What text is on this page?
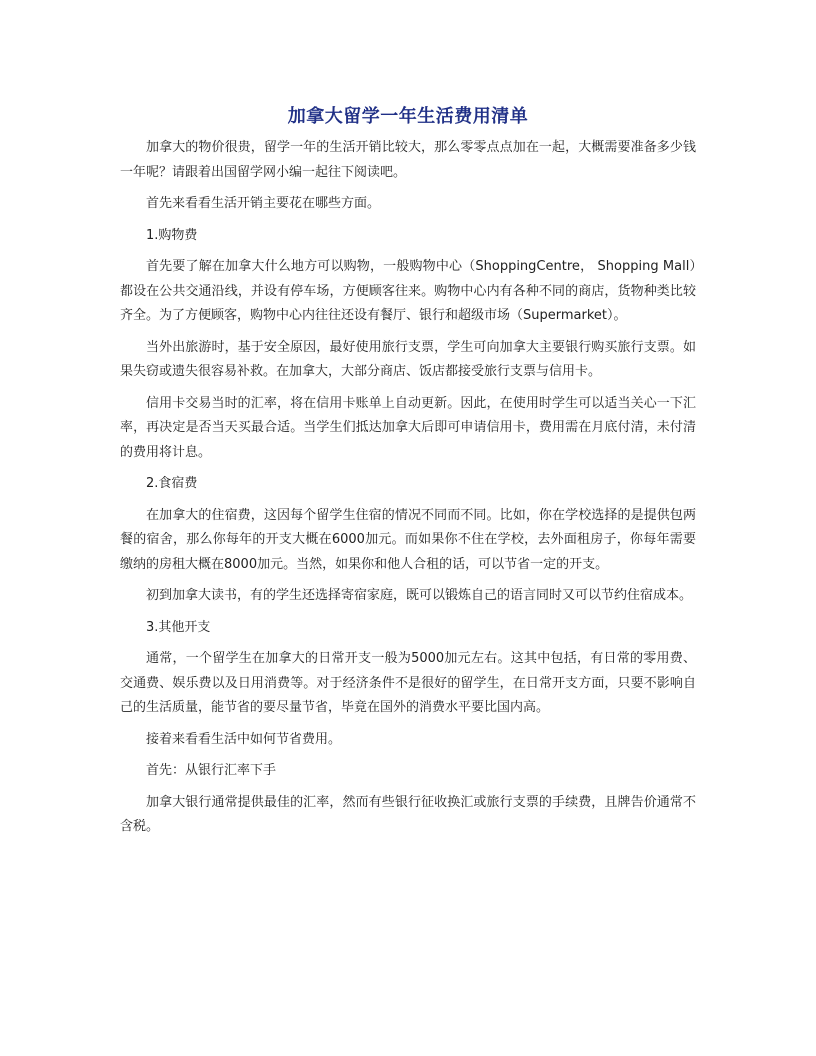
加拿大留学一年生活费用清单

加拿大的物价很贵，留学一年的生活开销比较大，那么零零点点加在一起，大概需要准备多少钱一年呢？请跟着出国留学网小编一起往下阅读吧。

首先来看看生活开销主要花在哪些方面。

1.购物费

首先要了解在加拿大什么地方可以购物，一般购物中心（ShoppingCentre， Shopping Mall）都设在公共交通沿线，并设有停车场，方便顾客往来。购物中心内有各种不同的商店，货物种类比较齐全。为了方便顾客，购物中心内往往还设有餐厅、银行和超级市场（Supermarket）。

当外出旅游时，基于安全原因，最好使用旅行支票，学生可向加拿大主要银行购买旅行支票。如果失窃或遗失很容易补救。在加拿大，大部分商店、饭店都接受旅行支票与信用卡。

信用卡交易当时的汇率，将在信用卡账单上自动更新。因此，在使用时学生可以适当关心一下汇率，再决定是否当天买最合适。当学生们抵达加拿大后即可申请信用卡，费用需在月底付清，未付清的费用将计息。

2.食宿费

在加拿大的住宿费，这因每个留学生住宿的情况不同而不同。比如，你在学校选择的是提供包两餐的宿舍，那么你每年的开支大概在6000加元。而如果你不住在学校，去外面租房子，你每年需要缴纳的房租大概在8000加元。当然，如果你和他人合租的话，可以节省一定的开支。

初到加拿大读书，有的学生还选择寄宿家庭，既可以锻炼自己的语言同时又可以节约住宿成本。

3.其他开支

通常，一个留学生在加拿大的日常开支一般为5000加元左右。这其中包括，有日常的零用费、交通费、娱乐费以及日用消费等。对于经济条件不是很好的留学生，在日常开支方面，只要不影响自己的生活质量，能节省的要尽量节省，毕竟在国外的消费水平要比国内高。

接着来看看生活中如何节省费用。

首先：从银行汇率下手

加拿大银行通常提供最佳的汇率，然而有些银行征收换汇或旅行支票的手续费，且牌告价通常不含税。
